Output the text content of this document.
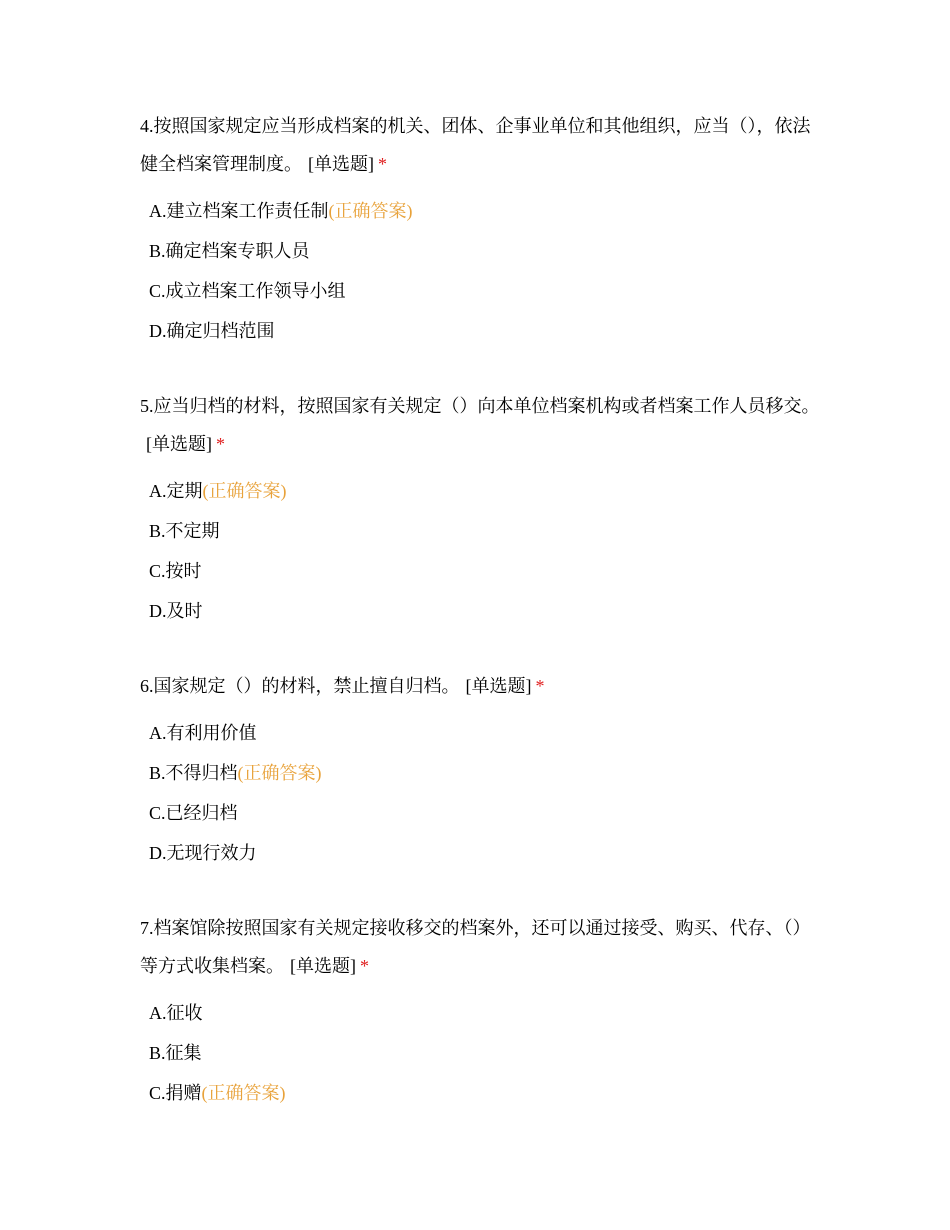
4.按照国家规定应当形成档案的机关、团体、企事业单位和其他组织，应当（），依法健全档案管理制度。 [单选题] *

A.建立档案工作责任制(正确答案)
B.确定档案专职人员
C.成立档案工作领导小组
D.确定归档范围

5.应当归档的材料，按照国家有关规定（）向本单位档案机构或者档案工作人员移交。[单选题] *

A.定期(正确答案)
B.不定期
C.按时
D.及时

6.国家规定（）的材料，禁止擅自归档。 [单选题] *

A.有利用价值
B.不得归档(正确答案)
C.已经归档
D.无现行效力

7.档案馆除按照国家有关规定接收移交的档案外，还可以通过接受、购买、代存、（）等方式收集档案。 [单选题] *

A.征收
B.征集
C.捐赠(正确答案)
